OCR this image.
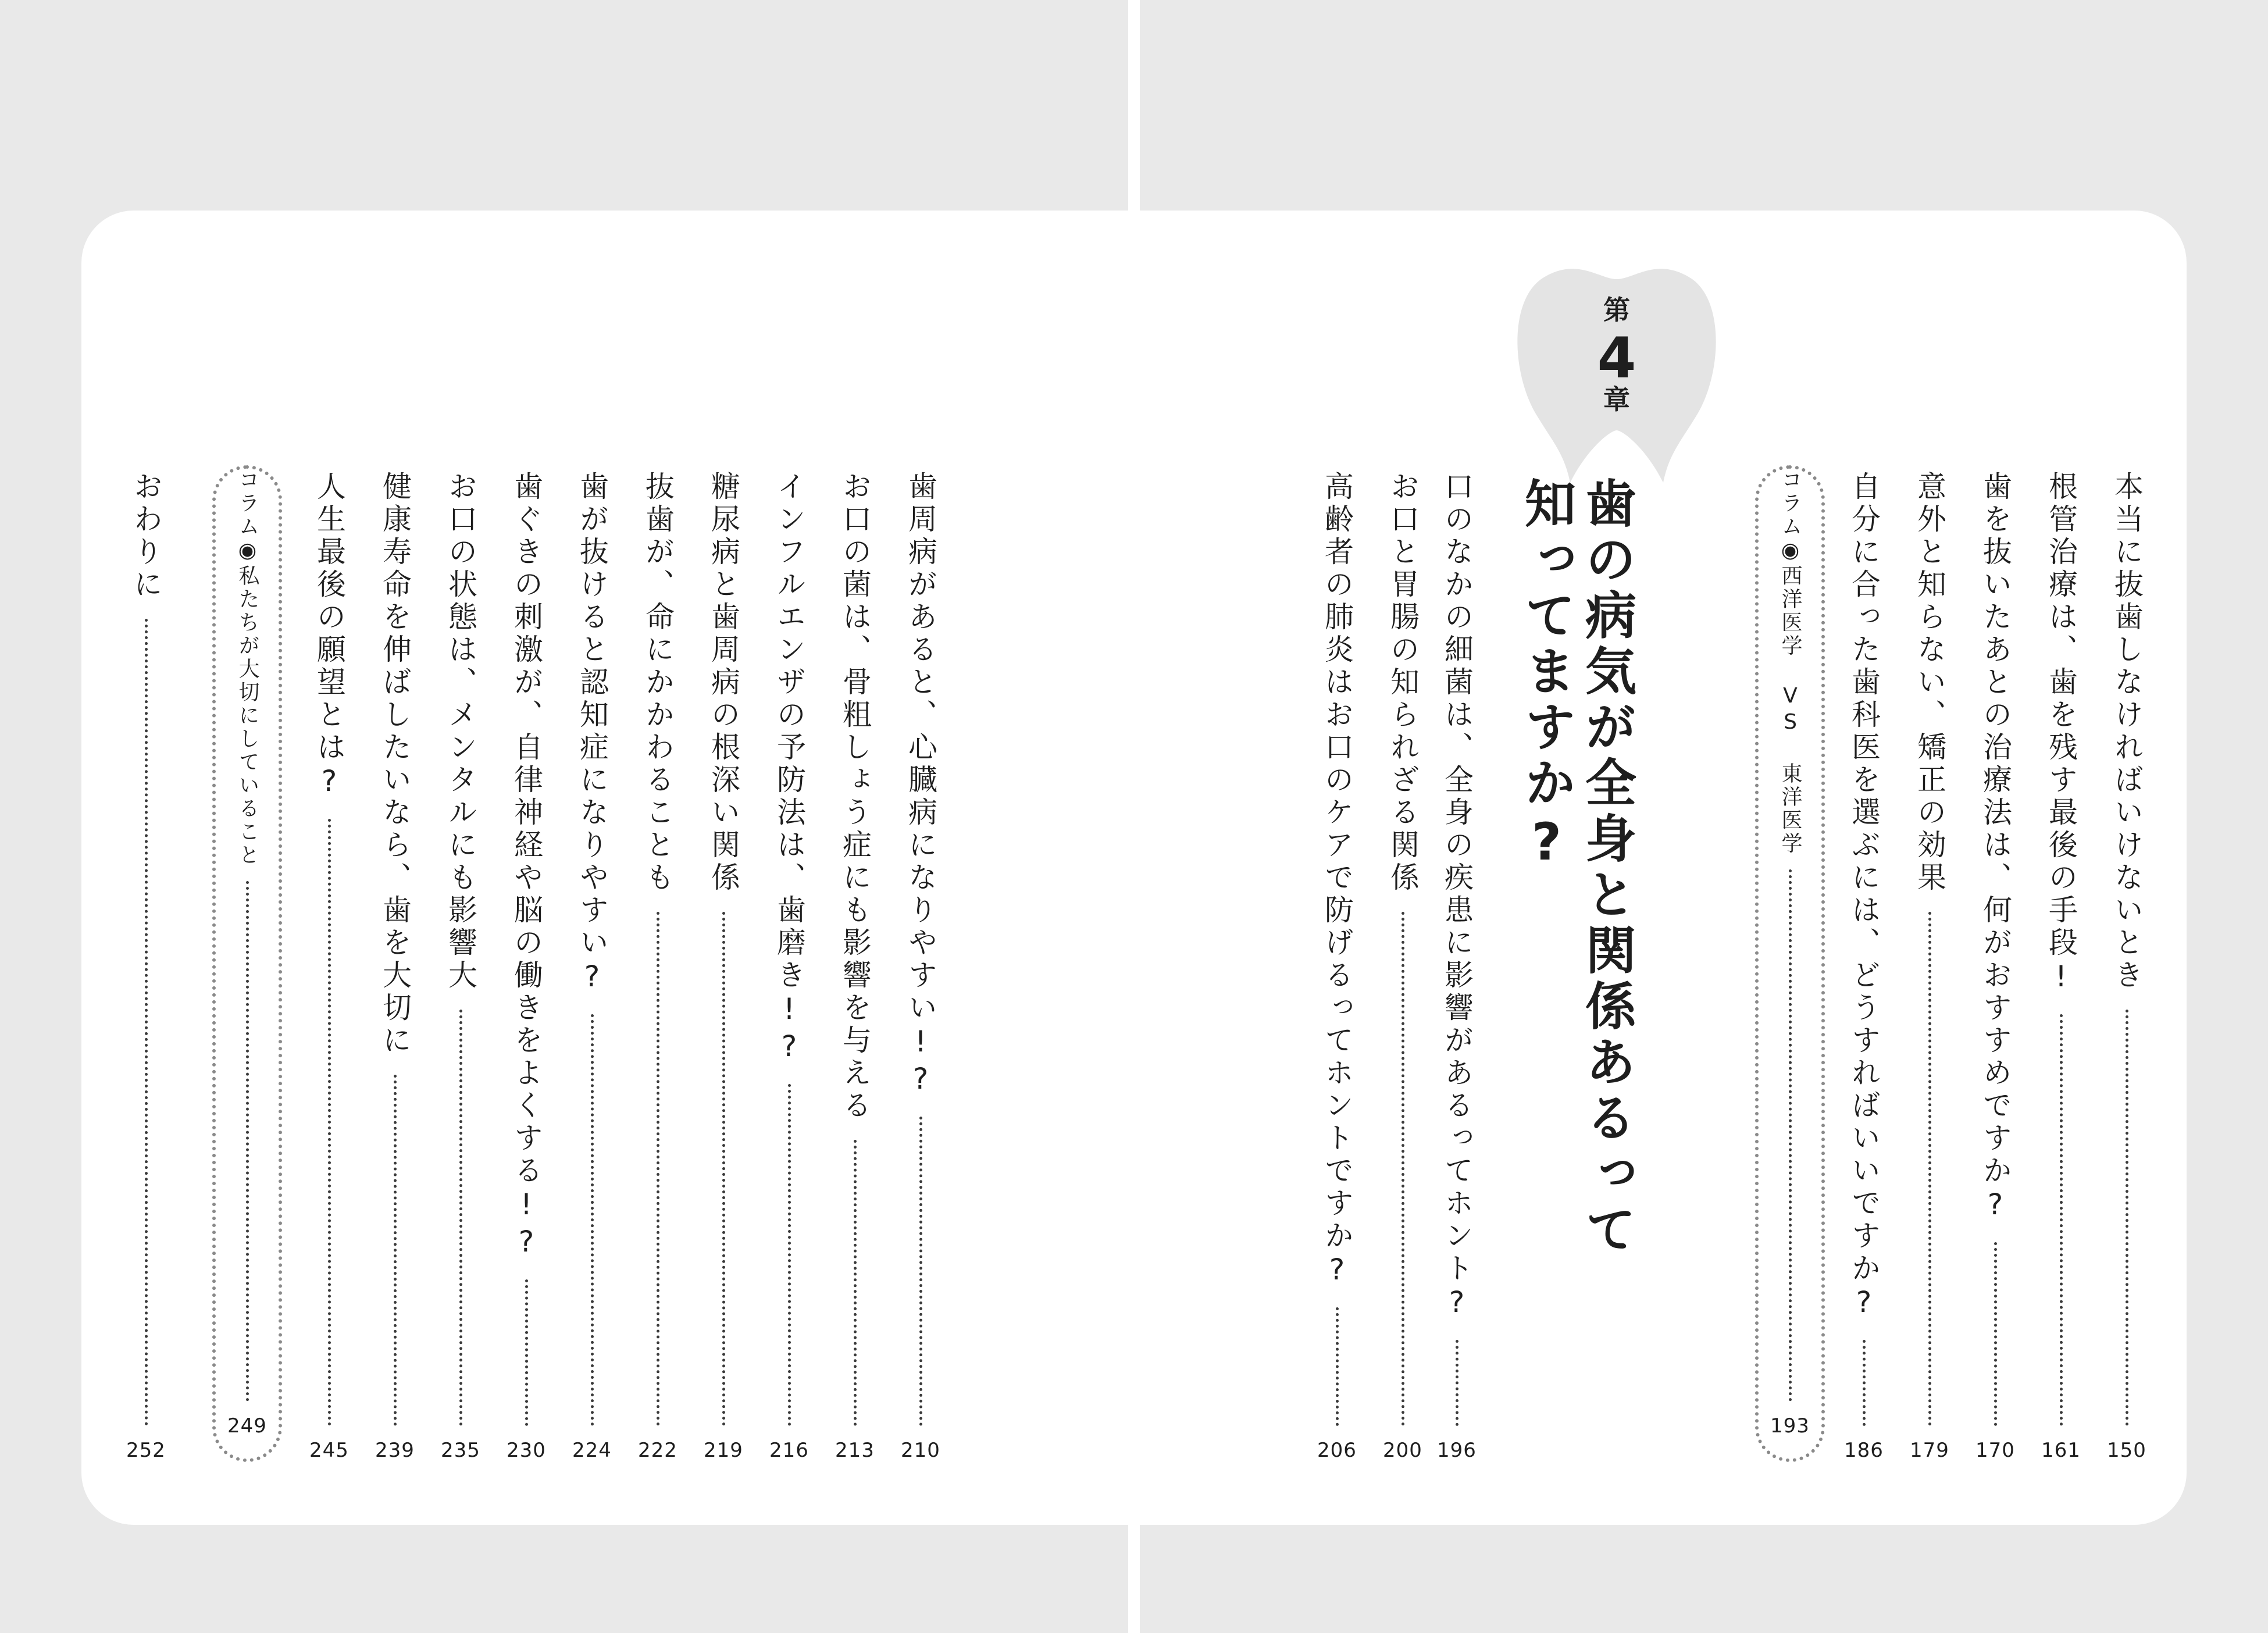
第
4
章
歯の病気が全身と関係あるって
知ってますか?	本当に抜歯しなければいけないとき
150
根管治療は、歯を残す最後の手段!
161
歯を抜いたあとの治療法は、何がおすすめですか?
170
意外と知らない、矯正の効果
179
自分に合った歯科医を選ぶには、どうすればいいですか?
186
コラム◉西洋医学 VS 東洋医学
193
口のなかの細菌は、全身の疾患に影響があるってホント?
196
お口と胃腸の知られざる関係
200
高齢者の肺炎はお口のケアで防げるってホントですか?
206
歯周病があると、心臓病になりやすい!?
210
お口の菌は、骨粗しょう症にも影響を与える
213
インフルエンザの予防法は、歯磨き!?
216
糖尿病と歯周病の根深い関係
219
抜歯が、命にかかわることも
222
歯が抜けると認知症になりやすい?
224
歯ぐきの刺激が、自律神経や脳の働きをよくする!?
230
お口の状態は、メンタルにも影響大
235
健康寿命を伸ばしたいなら、歯を大切に
239
人生最後の願望とは?
245
コラム◉私たちが大切にしていること
249
おわりに
252
